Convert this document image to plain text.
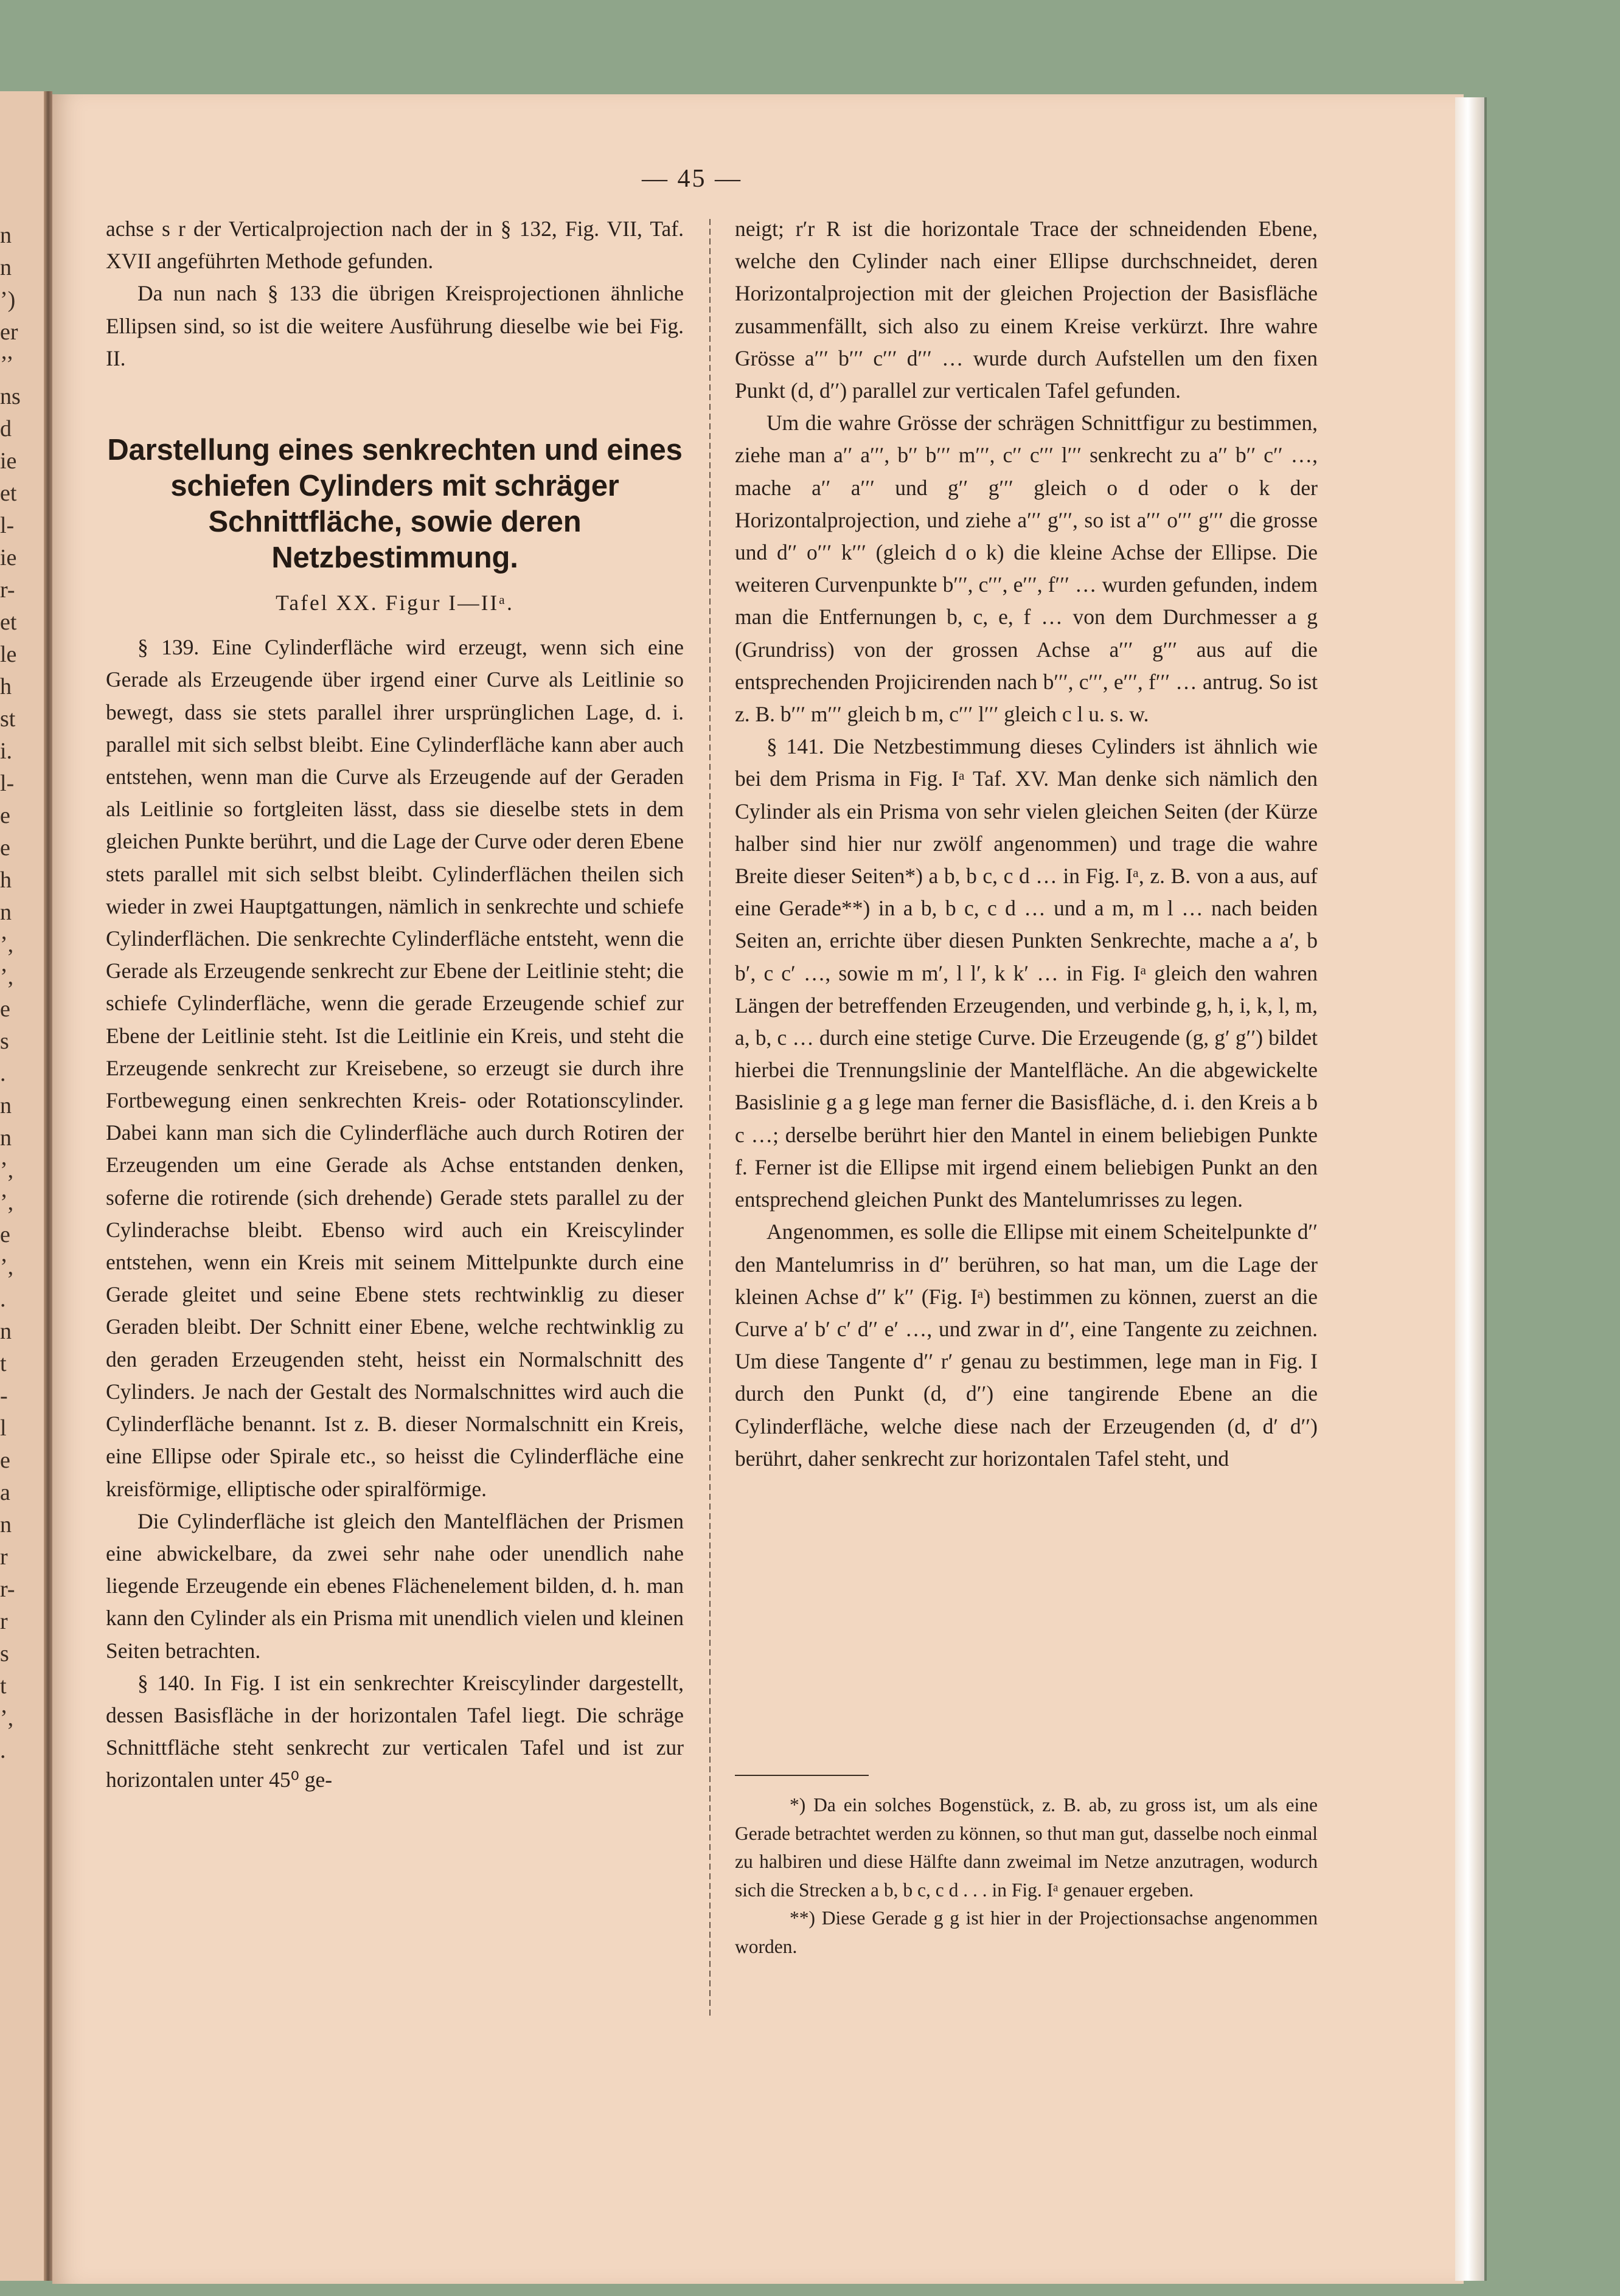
n
n
’)
er
’’
ns
d
ie
et
l-
ie
r-
et
le
h
st
i.
l-
e
e
h
n
’,
’,
e
s
.
n
n
’,
’,
e
’,
.
n
t
-
l
e
a
n
r
r-
r
s
t
’,
.
— 45 —

achse s r der Verticalprojection nach der in § 132, Fig. VII, Taf. XVII angeführten Methode gefunden.

Da nun nach § 133 die übrigen Kreisprojectionen ähnliche Ellipsen sind, so ist die weitere Ausführung dieselbe wie bei Fig. II.

Darstellung eines senkrechten und eines schiefen Cylinders mit schräger Schnittfläche, sowie deren Netzbestimmung.

Tafel XX. Figur I—IIᵃ.

§ 139. Eine Cylinderfläche wird erzeugt, wenn sich eine Gerade als Erzeugende über irgend einer Curve als Leitlinie so bewegt, dass sie stets parallel ihrer ursprünglichen Lage, d. i. parallel mit sich selbst bleibt. Eine Cylinderfläche kann aber auch entstehen, wenn man die Curve als Erzeugende auf der Geraden als Leitlinie so fortgleiten lässt, dass sie dieselbe stets in dem gleichen Punkte berührt, und die Lage der Curve oder deren Ebene stets parallel mit sich selbst bleibt. Cylinderflächen theilen sich wieder in zwei Hauptgattungen, nämlich in senkrechte und schiefe Cylinderflächen. Die senkrechte Cylinderfläche entsteht, wenn die Gerade als Erzeugende senkrecht zur Ebene der Leitlinie steht; die schiefe Cylinderfläche, wenn die gerade Erzeugende schief zur Ebene der Leitlinie steht. Ist die Leitlinie ein Kreis, und steht die Erzeugende senkrecht zur Kreisebene, so erzeugt sie durch ihre Fortbewegung einen senkrechten Kreis- oder Rotationscylinder. Dabei kann man sich die Cylinderfläche auch durch Rotiren der Erzeugenden um eine Gerade als Achse entstanden denken, soferne die rotirende (sich drehende) Gerade stets parallel zu der Cylinderachse bleibt. Ebenso wird auch ein Kreiscylinder entstehen, wenn ein Kreis mit seinem Mittelpunkte durch eine Gerade gleitet und seine Ebene stets rechtwinklig zu dieser Geraden bleibt. Der Schnitt einer Ebene, welche rechtwinklig zu den geraden Erzeugenden steht, heisst ein Normalschnitt des Cylinders. Je nach der Gestalt des Normalschnittes wird auch die Cylinderfläche benannt. Ist z. B. dieser Normalschnitt ein Kreis, eine Ellipse oder Spirale etc., so heisst die Cylinderfläche eine kreisförmige, elliptische oder spiralförmige.

Die Cylinderfläche ist gleich den Mantelflächen der Prismen eine abwickelbare, da zwei sehr nahe oder unendlich nahe liegende Erzeugende ein ebenes Flächenelement bilden, d. h. man kann den Cylinder als ein Prisma mit unendlich vielen und kleinen Seiten betrachten.

§ 140. In Fig. I ist ein senkrechter Kreiscylinder dargestellt, dessen Basisfläche in der horizontalen Tafel liegt. Die schräge Schnittfläche steht senkrecht zur verticalen Tafel und ist zur horizontalen unter 45⁰ ge-

neigt; r′r R ist die horizontale Trace der schneidenden Ebene, welche den Cylinder nach einer Ellipse durchschneidet, deren Horizontalprojection mit der gleichen Projection der Basisfläche zusammenfällt, sich also zu einem Kreise verkürzt. Ihre wahre Grösse a′′′ b′′′ c′′′ d′′′ … wurde durch Aufstellen um den fixen Punkt (d, d′′) parallel zur verticalen Tafel gefunden.

Um die wahre Grösse der schrägen Schnittfigur zu bestimmen, ziehe man a′′ a′′′, b′′ b′′′ m′′′, c′′ c′′′ l′′′ senkrecht zu a′′ b′′ c′′ …, mache a′′ a′′′ und g′′ g′′′ gleich o d oder o k der Horizontalprojection, und ziehe a′′′ g′′′, so ist a′′′ o′′′ g′′′ die grosse und d′′ o′′′ k′′′ (gleich d o k) die kleine Achse der Ellipse. Die weiteren Curvenpunkte b′′′, c′′′, e′′′, f′′′ … wurden gefunden, indem man die Entfernungen b, c, e, f … von dem Durchmesser a g (Grundriss) von der grossen Achse a′′′ g′′′ aus auf die entsprechenden Projicirenden nach b′′′, c′′′, e′′′, f′′′ … antrug. So ist z. B. b′′′ m′′′ gleich b m, c′′′ l′′′ gleich c l u. s. w.

§ 141. Die Netzbestimmung dieses Cylinders ist ähnlich wie bei dem Prisma in Fig. Iᵃ Taf. XV. Man denke sich nämlich den Cylinder als ein Prisma von sehr vielen gleichen Seiten (der Kürze halber sind hier nur zwölf angenommen) und trage die wahre Breite dieser Seiten*) a b, b c, c d … in Fig. Iᵃ, z. B. von a aus, auf eine Gerade**) in a b, b c, c d … und a m, m l … nach beiden Seiten an, errichte über diesen Punkten Senkrechte, mache a a′, b b′, c c′ …, sowie m m′, l l′, k k′ … in Fig. Iᵃ gleich den wahren Längen der betreffenden Erzeugenden, und verbinde g, h, i, k, l, m, a, b, c … durch eine stetige Curve. Die Erzeugende (g, g′ g′′) bildet hierbei die Trennungslinie der Mantelfläche. An die abgewickelte Basislinie g a g lege man ferner die Basisfläche, d. i. den Kreis a b c …; derselbe berührt hier den Mantel in einem beliebigen Punkte f. Ferner ist die Ellipse mit irgend einem beliebigen Punkt an den entsprechend gleichen Punkt des Mantelumrisses zu legen.

Angenommen, es solle die Ellipse mit einem Scheitelpunkte d′′ den Mantelumriss in d′′ berühren, so hat man, um die Lage der kleinen Achse d′′ k′′ (Fig. Iᵃ) bestimmen zu können, zuerst an die Curve a′ b′ c′ d′′ e′ …, und zwar in d′′, eine Tangente zu zeichnen. Um diese Tangente d′′ r′ genau zu bestimmen, lege man in Fig. I durch den Punkt (d, d′′) eine tangirende Ebene an die Cylinderfläche, welche diese nach der Erzeugenden (d, d′ d′′) berührt, daher senkrecht zur horizontalen Tafel steht, und

*) Da ein solches Bogenstück, z. B. ab, zu gross ist, um als eine Gerade betrachtet werden zu können, so thut man gut, dasselbe noch einmal zu halbiren und diese Hälfte dann zweimal im Netze anzutragen, wodurch sich die Strecken a b, b c, c d . . . in Fig. Iᵃ genauer ergeben.

**) Diese Gerade g g ist hier in der Projectionsachse angenommen worden.
